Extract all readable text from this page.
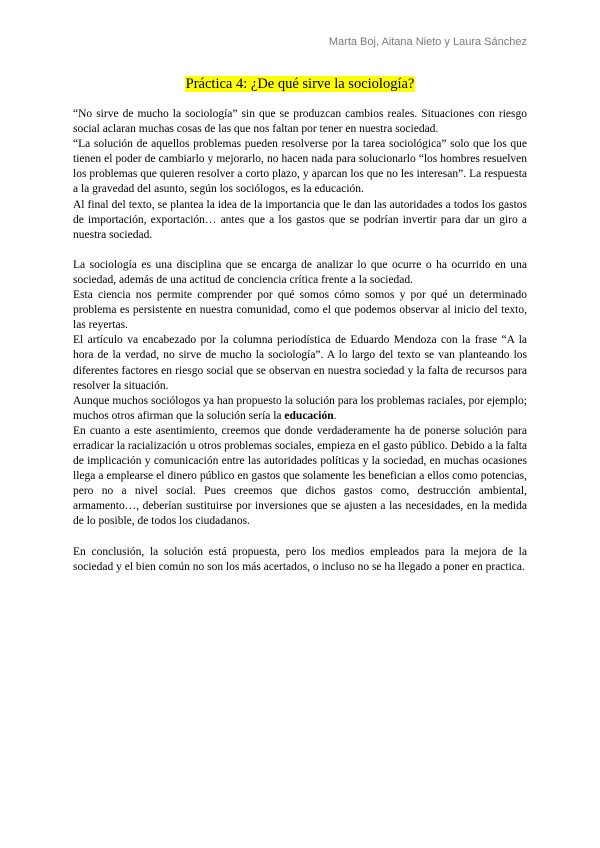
Marta Boj, Aitana Nieto y Laura Sánchez
Práctica 4: ¿De qué sirve la sociología?

“No sirve de mucho la sociología” sin que se produzcan cambios reales. Situaciones con riesgo social aclaran muchas cosas de las que nos faltan por tener en nuestra sociedad.

“La solución de aquellos problemas pueden resolverse por la tarea sociológica” solo que los que tienen el poder de cambiarlo y mejorarlo, no hacen nada para solucionarlo “los hombres resuelven los problemas que quieren resolver a corto plazo, y aparcan los que no les interesan”. La respuesta a la gravedad del asunto, según los sociólogos, es la educación.

Al final del texto, se plantea la idea de la importancia que le dan las autoridades a todos los gastos de importación, exportación… antes que a los gastos que se podrían invertir para dar un giro a nuestra sociedad.

La sociología es una disciplina que se encarga de analizar lo que ocurre o ha ocurrido en una sociedad, además de una actitud de conciencia crítica frente a la sociedad.

Esta ciencia nos permite comprender por qué somos cómo somos y por qué un determinado problema es persistente en nuestra comunidad, como el que podemos observar al inicio del texto, las reyertas.

El artículo va encabezado por la columna periodística de Eduardo Mendoza con la frase “A la hora de la verdad, no sirve de mucho la sociología”. A lo largo del texto se van planteando los diferentes factores en riesgo social que se observan en nuestra sociedad y la falta de recursos para resolver la situación.

Aunque muchos sociólogos ya han propuesto la solución para los problemas raciales, por ejemplo; muchos otros afirman que la solución sería la educación.

En cuanto a este asentimiento, creemos que donde verdaderamente ha de ponerse solución para erradicar la racialización u otros problemas sociales, empieza en el gasto público. Debido a la falta de implicación y comunicación entre las autoridades políticas y la sociedad, en muchas ocasiones llega a emplearse el dinero público en gastos que solamente les benefician a ellos como potencias, pero no a nivel social. Pues creemos que dichos gastos como, destrucción ambiental, armamento…, deberían sustituirse por inversiones que se ajusten a las necesidades, en la medida de lo posible, de todos los ciudadanos.

En conclusión, la solución está propuesta, pero los medios empleados para la mejora de la sociedad y el bien común no son los más acertados, o incluso no se ha llegado a poner en practica.
